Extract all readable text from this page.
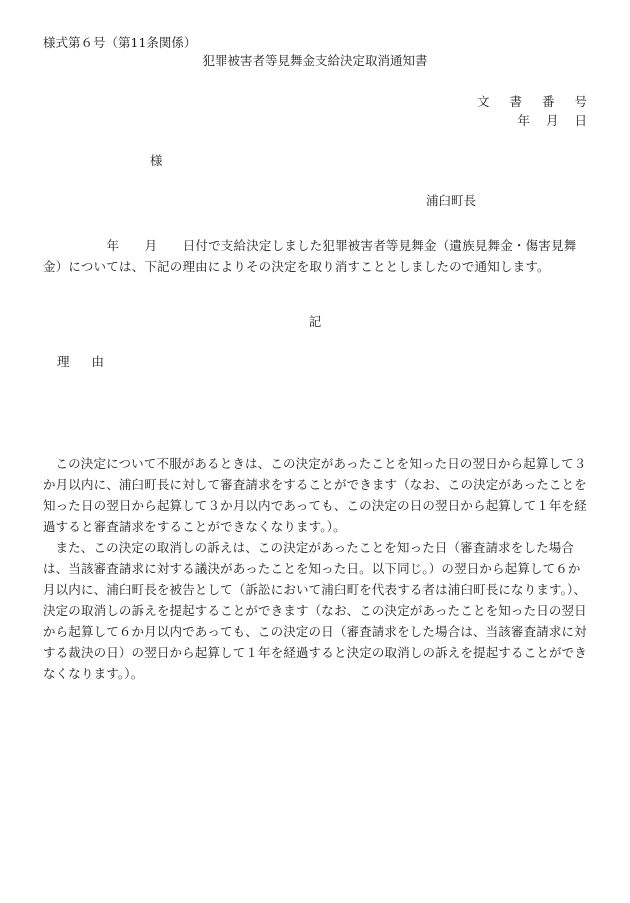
様式第６号（第11条関係）
犯罪被害者等見舞金支給決定取消通知書
文書番号
年 月 日
様
浦臼町長
　　　　　年　　月　　日付で支給決定しました犯罪被害者等見舞金（遺族見舞金・傷害見舞金）については、下記の理由によりその決定を取り消すこととしましたので通知します。
記
理由

この決定について不服があるときは、この決定があったことを知った日の翌日から起算して３か月以内に、浦臼町長に対して審査請求をすることができます（なお、この決定があったことを知った日の翌日から起算して３か月以内であっても、この決定の日の翌日から起算して１年を経過すると審査請求をすることができなくなります。）。

また、この決定の取消しの訴えは、この決定があったことを知った日（審査請求をした場合は、当該審査請求に対する議決があったことを知った日。以下同じ。）の翌日から起算して６か月以内に、浦臼町長を被告として（訴訟において浦臼町を代表する者は浦臼町長になります。）、決定の取消しの訴えを提起することができます（なお、この決定があったことを知った日の翌日から起算して６か月以内であっても、この決定の日（審査請求をした場合は、当該審査請求に対する裁決の日）の翌日から起算して１年を経過すると決定の取消しの訴えを提起することができなくなります。）。
